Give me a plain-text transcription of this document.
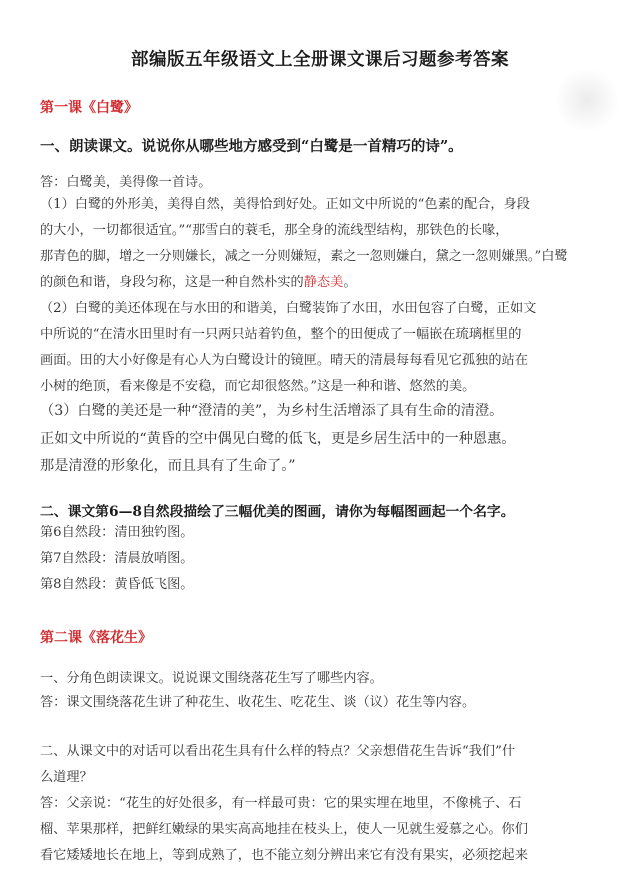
部编版五年级语文上全册课文课后习题参考答案
第一课《白鹭》
一、朗读课文。说说你从哪些地方感受到“白鹭是一首精巧的诗”。
答：白鹭美，美得像一首诗。
（1）白鹭的外形美，美得自然，美得恰到好处。正如文中所说的“色素的配合，身段
的大小，一切都很适宜。”“那雪白的蓑毛，那全身的流线型结构，那铁色的长喙，
那青色的脚，增之一分则嫌长，减之一分则嫌短，素之一忽则嫌白，黛之一忽则嫌黑。”白鹭
的颜色和谐，身段匀称，这是一种自然朴实的静态美。
（2）白鹭的美还体现在与水田的和谐美，白鹭装饰了水田，水田包容了白鹭，正如文
中所说的“在清水田里时有一只两只站着钓鱼，整个的田便成了一幅嵌在琉璃框里的
画面。田的大小好像是有心人为白鹭设计的镜匣。晴天的清晨每每看见它孤独的站在
小树的绝顶，看来像是不安稳，而它却很悠然。”这是一种和谐、悠然的美。
（3）白鹭的美还是一种“澄清的美”，为乡村生活增添了具有生命的清澄。
正如文中所说的“黄昏的空中偶见白鹭的低飞，更是乡居生活中的一种恩惠。
那是清澄的形象化，而且具有了生命了。”
二、课文第6—8自然段描绘了三幅优美的图画，请你为每幅图画起一个名字。
第6自然段：清田独钓图。
第7自然段：清晨放哨图。
第8自然段：黄昏低飞图。
第二课《落花生》
一、分角色朗读课文。说说课文围绕落花生写了哪些内容。
答：课文围绕落花生讲了种花生、收花生、吃花生、谈（议）花生等内容。
二、从课文中的对话可以看出花生具有什么样的特点？父亲想借花生告诉“我们”什
么道理？
答：父亲说：“花生的好处很多，有一样最可贵：它的果实埋在地里，不像桃子、石
榴、苹果那样，把鲜红嫩绿的果实高高地挂在枝头上，使人一见就生爱慕之心。你们
看它矮矮地长在地上，等到成熟了，也不能立刻分辨出来它有没有果实，必须挖起来
